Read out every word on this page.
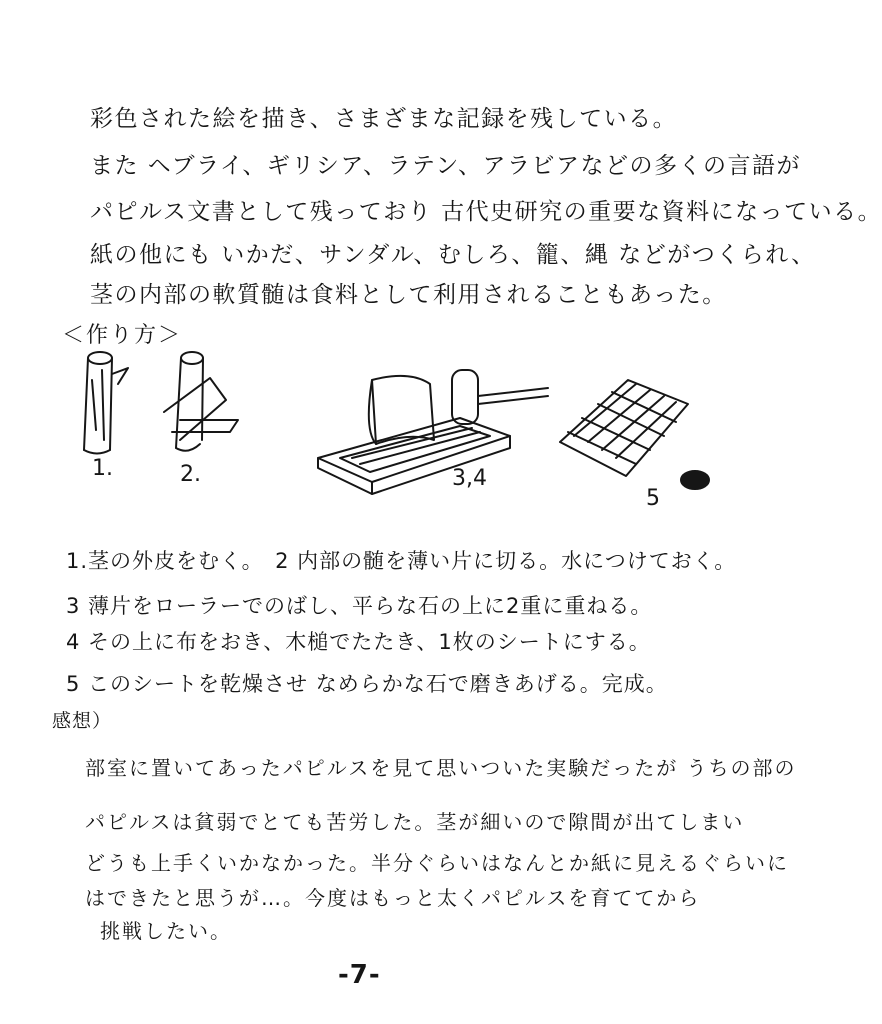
彩色された絵を描き、さまざまな記録を残している。
また ヘブライ、ギリシア、ラテン、アラビアなどの多くの言語が
パピルス文書として残っており 古代史研究の重要な資料になっている。
紙の他にも いかだ、サンダル、むしろ、籠、縄 などがつくられ、
茎の内部の軟質髄は食料として利用されることもあった。
＜作り方＞
1.	2.	3,4
5
1.茎の外皮をむく。　2 内部の髄を薄い片に切る。水につけておく。
3 薄片をローラーでのばし、平らな石の上に2重に重ねる。
4 その上に布をおき、木槌でたたき、1枚のシートにする。
5 このシートを乾燥させ なめらかな石で磨きあげる。完成。
感想）
部室に置いてあったパピルスを見て思いついた実験だったが うちの部の
パピルスは貧弱でとても苦労した。茎が細いので隙間が出てしまい
どうも上手くいかなかった。半分ぐらいはなんとか紙に見えるぐらいに
はできたと思うが…。今度はもっと太くパピルスを育ててから
挑戦したい。
-7-
